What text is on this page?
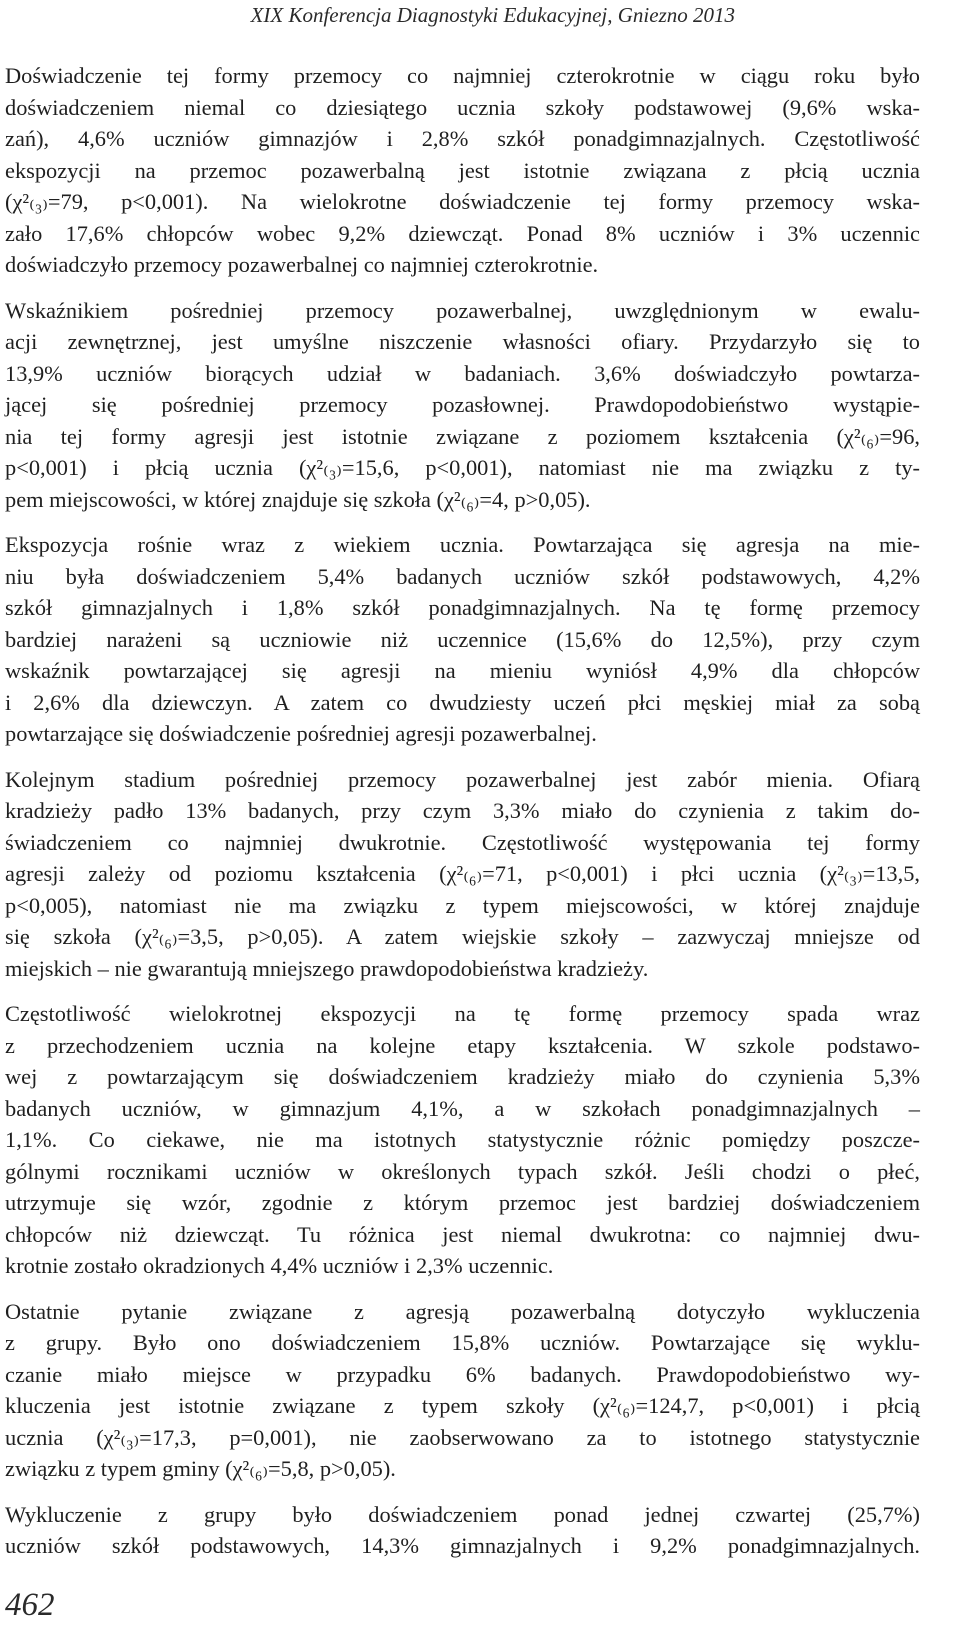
XIX Konferencja Diagnostyki Edukacyjnej, Gniezno 2013

Doświadczenie tej formy przemocy co najmniej czterokrotnie w ciągu roku było
doświadczeniem niemal co dziesiątego ucznia szkoły podstawowej (9,6% wska-
zań), 4,6% uczniów gimnazjów i 2,8% szkół ponadgimnazjalnych. Częstotliwość
ekspozycji na przemoc pozawerbalną jest istotnie związana z płcią ucznia
(χ²₍₃₎=79, p<0,001). Na wielokrotne doświadczenie tej formy przemocy wska-
zało 17,6% chłopców wobec 9,2% dziewcząt. Ponad 8% uczniów i 3% uczennic
doświadczyło przemocy pozawerbalnej co najmniej czterokrotnie.

Wskaźnikiem pośredniej przemocy pozawerbalnej, uwzględnionym w ewalu-
acji zewnętrznej, jest umyślne niszczenie własności ofiary. Przydarzyło się to
13,9% uczniów biorących udział w badaniach. 3,6% doświadczyło powtarza-
jącej się pośredniej przemocy pozasłownej. Prawdopodobieństwo wystąpie-
nia tej formy agresji jest istotnie związane z poziomem kształcenia (χ²₍₆₎=96,
p<0,001) i płcią ucznia (χ²₍₃₎=15,6, p<0,001), natomiast nie ma związku z ty-
pem miejscowości, w której znajduje się szkoła (χ²₍₆₎=4, p>0,05).

Ekspozycja rośnie wraz z wiekiem ucznia. Powtarzająca się agresja na mie-
niu była doświadczeniem 5,4% badanych uczniów szkół podstawowych, 4,2%
szkół gimnazjalnych i 1,8% szkół ponadgimnazjalnych. Na tę formę przemocy
bardziej narażeni są uczniowie niż uczennice (15,6% do 12,5%), przy czym
wskaźnik powtarzającej się agresji na mieniu wyniósł 4,9% dla chłopców
i 2,6% dla dziewczyn. A zatem co dwudziesty uczeń płci męskiej miał za sobą
powtarzające się doświadczenie pośredniej agresji pozawerbalnej.

Kolejnym stadium pośredniej przemocy pozawerbalnej jest zabór mienia. Ofiarą
kradzieży padło 13% badanych, przy czym 3,3% miało do czynienia z takim do-
świadczeniem co najmniej dwukrotnie. Częstotliwość występowania tej formy
agresji zależy od poziomu kształcenia (χ²₍₆₎=71, p<0,001) i płci ucznia (χ²₍₃₎=13,5,
p<0,005), natomiast nie ma związku z typem miejscowości, w której znajduje
się szkoła (χ²₍₆₎=3,5, p>0,05). A zatem wiejskie szkoły – zazwyczaj mniejsze od
miejskich – nie gwarantują mniejszego prawdopodobieństwa kradzieży.

Częstotliwość wielokrotnej ekspozycji na tę formę przemocy spada wraz
z przechodzeniem ucznia na kolejne etapy kształcenia. W szkole podstawo-
wej z powtarzającym się doświadczeniem kradzieży miało do czynienia 5,3%
badanych uczniów, w gimnazjum 4,1%, a w szkołach ponadgimnazjalnych –
1,1%. Co ciekawe, nie ma istotnych statystycznie różnic pomiędzy poszcze-
gólnymi rocznikami uczniów w określonych typach szkół. Jeśli chodzi o płeć,
utrzymuje się wzór, zgodnie z którym przemoc jest bardziej doświadczeniem
chłopców niż dziewcząt. Tu różnica jest niemal dwukrotna: co najmniej dwu-
krotnie zostało okradzionych 4,4% uczniów i 2,3% uczennic.

Ostatnie pytanie związane z agresją pozawerbalną dotyczyło wykluczenia
z grupy. Było ono doświadczeniem 15,8% uczniów. Powtarzające się wyklu-
czanie miało miejsce w przypadku 6% badanych. Prawdopodobieństwo wy-
kluczenia jest istotnie związane z typem szkoły (χ²₍₆₎=124,7, p<0,001) i płcią
ucznia (χ²₍₃₎=17,3, p=0,001), nie zaobserwowano za to istotnego statystycznie
związku z typem gminy (χ²₍₆₎=5,8, p>0,05).

Wykluczenie z grupy było doświadczeniem ponad jednej czwartej (25,7%)
uczniów szkół podstawowych, 14,3% gimnazjalnych i 9,2% ponadgimnazjalnych.

462
